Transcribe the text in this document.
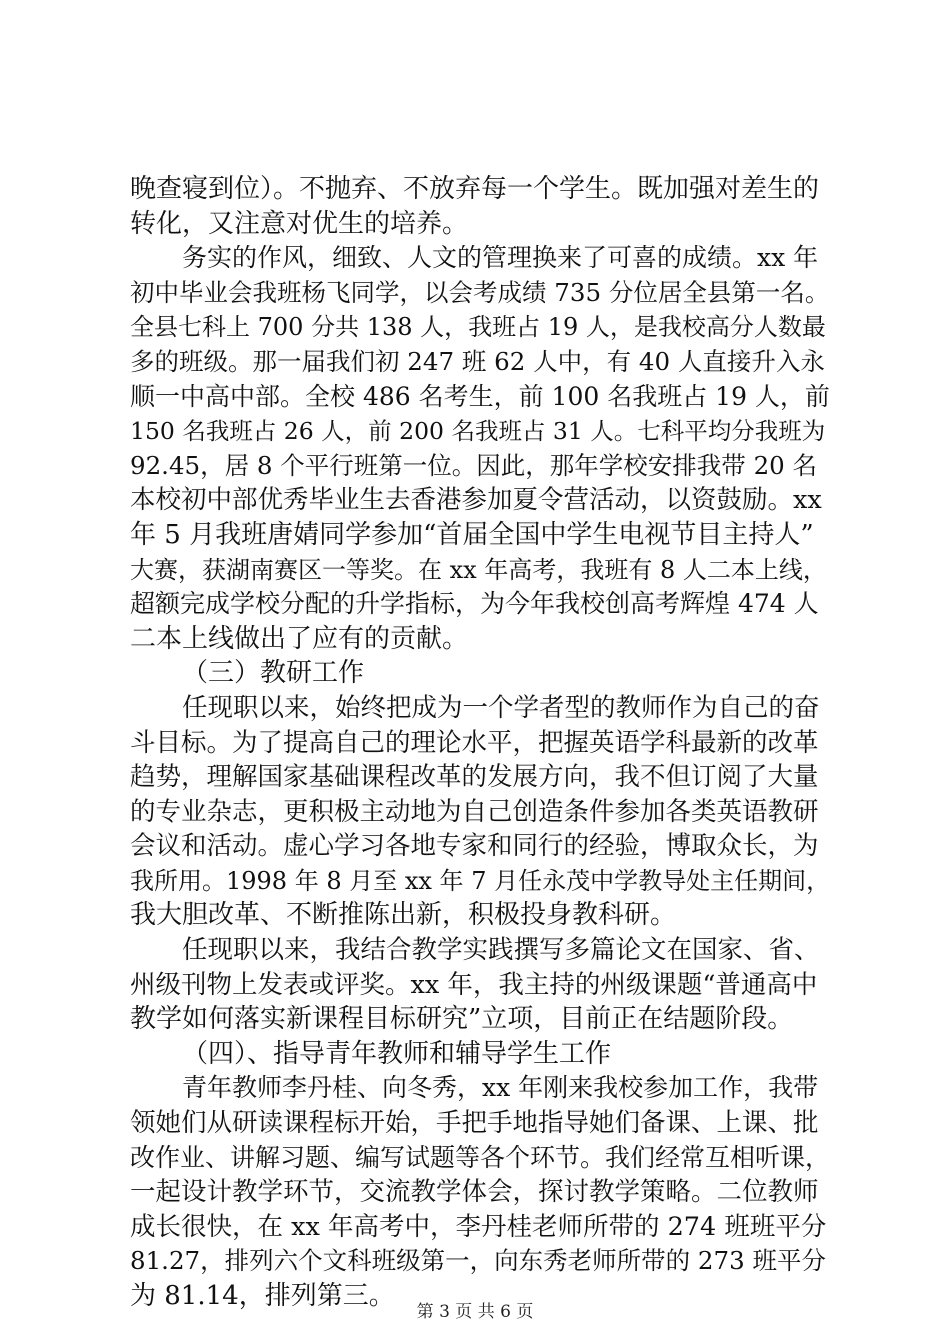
晚查寝到位）。不抛弃、不放弃每一个学生。既加强对差生的
转化，又注意对优生的培养。
务实的作风，细致、人文的管理换来了可喜的成绩。xx 年
初中毕业会我班杨飞同学，以会考成绩 735 分位居全县第一名。
全县七科上 700 分共 138 人，我班占 19 人，是我校高分人数最
多的班级。那一届我们初 247 班 62 人中，有 40 人直接升入永
顺一中高中部。全校 486 名考生，前 100 名我班占 19 人，前
150 名我班占 26 人，前 200 名我班占 31 人。七科平均分我班为
92.45，居 8 个平行班第一位。因此，那年学校安排我带 20 名
本校初中部优秀毕业生去香港参加夏令营活动，以资鼓励。xx
年 5 月我班唐婧同学参加“首届全国中学生电视节目主持人”
大赛，获湖南赛区一等奖。在 xx 年高考，我班有 8 人二本上线，
超额完成学校分配的升学指标，为今年我校创高考辉煌 474 人
二本上线做出了应有的贡献。
（三）教研工作
任现职以来，始终把成为一个学者型的教师作为自己的奋
斗目标。为了提高自己的理论水平，把握英语学科最新的改革
趋势，理解国家基础课程改革的发展方向，我不但订阅了大量
的专业杂志，更积极主动地为自己创造条件参加各类英语教研
会议和活动。虚心学习各地专家和同行的经验，博取众长，为
我所用。1998 年 8 月至 xx 年 7 月任永茂中学教导处主任期间，
我大胆改革、不断推陈出新，积极投身教科研。
任现职以来，我结合教学实践撰写多篇论文在国家、省、
州级刊物上发表或评奖。xx 年，我主持的州级课题“普通高中
教学如何落实新课程目标研究”立项，目前正在结题阶段。
（四）、指导青年教师和辅导学生工作
青年教师李丹桂、向冬秀，xx 年刚来我校参加工作，我带
领她们从研读课程标开始，手把手地指导她们备课、上课、批
改作业、讲解习题、编写试题等各个环节。我们经常互相听课，
一起设计教学环节，交流教学体会，探讨教学策略。二位教师
成长很快，在 xx 年高考中，李丹桂老师所带的 274 班班平分
81.27，排列六个文科班级第一，向东秀老师所带的 273 班平分
为 81.14，排列第三。
第 3 页 共 6 页
